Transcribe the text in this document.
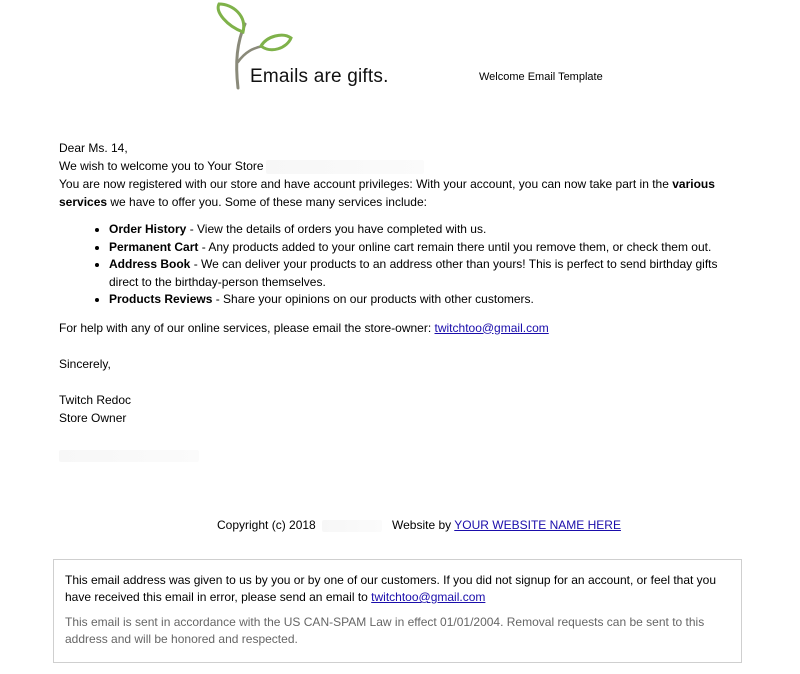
Emails are gifts.	Welcome Email Template

Dear Ms. 14,

We wish to welcome you to Your Store

You are now registered with our store and have account privileges: With your account, you can now take part in the various services we have to offer you. Some of these many services include:

• Order History - View the details of orders you have completed with us.
• Permanent Cart - Any products added to your online cart remain there until you remove them, or check them out.
• Address Book - We can deliver your products to an address other than yours! This is perfect to send birthday gifts direct to the birthday-person themselves.
• Products Reviews - Share your opinions on our products with other customers.

For help with any of our online services, please email the store-owner: twitchtoo@gmail.com

Sincerely,

Twitch Redoc

Store Owner

Copyright (c) 2018	Website by YOUR WEBSITE NAME HERE

This email address was given to us by you or by one of our customers. If you did not signup for an account, or feel that you have received this email in error, please send an email to twitchtoo@gmail.com

This email is sent in accordance with the US CAN-SPAM Law in effect 01/01/2004. Removal requests can be sent to this address and will be honored and respected.
